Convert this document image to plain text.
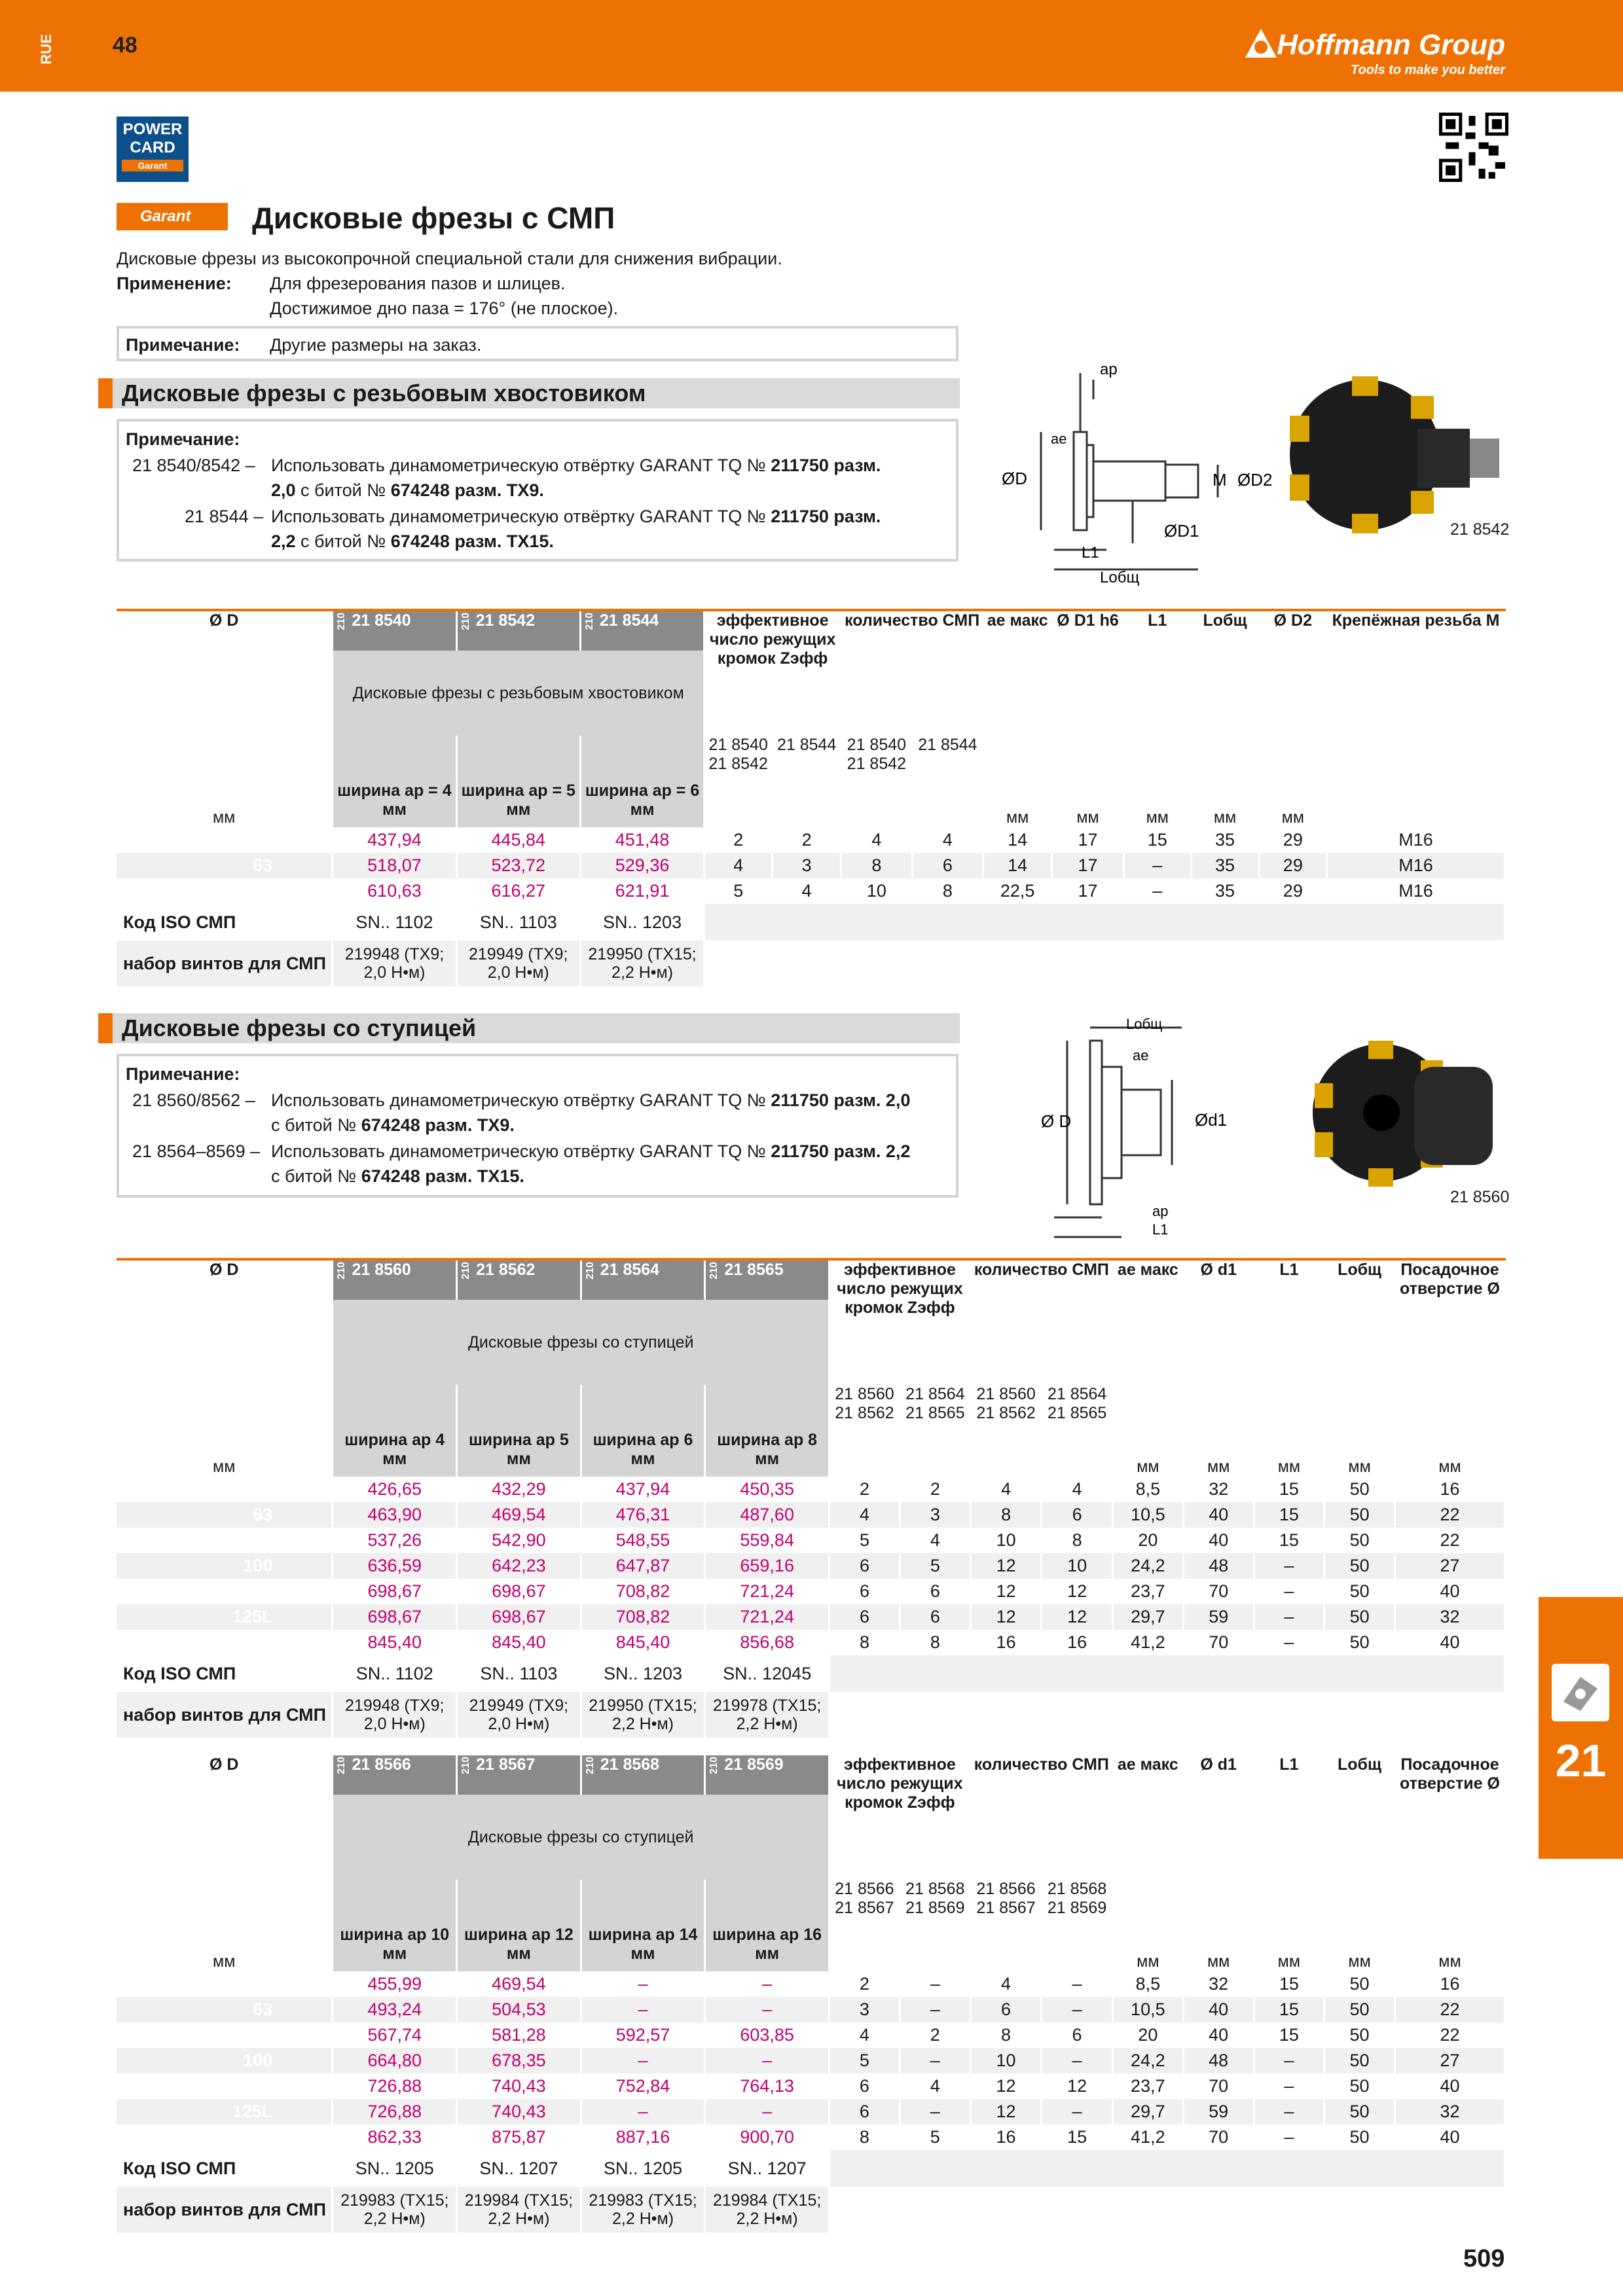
RUE	48	Hoffmann Group
Tools to make you better
POWER
CARD
Garant
Garant	Дисковые фрезы с СМП
Дисковые фрезы из высокопрочной специальной стали для снижения вибрации.
Применение: Для фрезерования пазов и шлицев.
Достижимое дно паза = 176° (не плоское).
Примечание: Другие размеры на заказ.
Дисковые фрезы с резьбовым хвостовиком
Примечание:
21 8540/8542 – Использовать динамометрическую отвёртку GARANT TQ № 211750 разм.
2,0 с битой № 674248 разм. TX9.
21 8544 – Использовать динамометрическую отвёртку GARANT TQ № 211750 разм.
2,2 с битой № 674248 разм. TX15.
ap
ae
ØD	M ØD2
ØD1
L1
Lобщ
21 8542
Ø D	210 21 8540	210 21 8542	210 21 8544	эффективное число режущих кромок Zэфф		количество СМП		ae макс	Ø D1 h6	L1	Lобщ	Ø D2	Крепёжная резьба M
	Дисковые фрезы с резьбовым хвостовиком												
				21 8540 21 8542	21 8544	21 8540 21 8542	21 8544						
мм	ширина ap = 4 мм	ширина ap = 5 мм	ширина ap = 6 мм					мм	мм	мм	мм	мм	
50	437,94	445,84	451,48	2	2	4	4	14	17	15	35	29	M16
63	518,07	523,72	529,36	4	3	8	6	14	17	–	35	29	M16
80	610,63	616,27	621,91	5	4	10	8	22,5	17	–	35	29	M16
Код ISO СМП	SN.. 1102	SN.. 1103	SN.. 1203										
набор винтов для СМП	219948 (TX9; 2,0 H•м)	219949 (TX9; 2,0 H•м)	219950 (TX15; 2,2 H•м)										
Дисковые фрезы со ступицей
Примечание:
21 8560/8562 – Использовать динамометрическую отвёртку GARANT TQ № 211750 разм. 2,0
с битой № 674248 разм. TX9.
21 8564–8569 – Использовать динамометрическую отвёртку GARANT TQ № 211750 разм. 2,2
с битой № 674248 разм. TX15.
Lобщ
ae
Ø D	Ød1
ap
L1
21 8560
Ø D	210 21 8560	210 21 8562	210 21 8564	210 21 8565	эффективное число режущих кромок Zэфф		количество СМП		ae макс	Ø d1	L1	Lобщ	Посадочное отверстие Ø
	Дисковые фрезы со ступицей												
					21 8560 21 8562	21 8564 21 8565	21 8560 21 8562	21 8564 21 8565					
мм	ширина ap 4 мм	ширина ap 5 мм	ширина ap 6 мм	ширина ap 8 мм					мм	мм	мм	мм	мм
50	426,65	432,29	437,94	450,35	2	2	4	4	8,5	32	15	50	16
63	463,90	469,54	476,31	487,60	4	3	8	6	10,5	40	15	50	22
80	537,26	542,90	548,55	559,84	5	4	10	8	20	40	15	50	22
100	636,59	642,23	647,87	659,16	6	5	12	10	24,2	48	–	50	27
125	698,67	698,67	708,82	721,24	6	6	12	12	23,7	70	–	50	40
125L	698,67	698,67	708,82	721,24	6	6	12	12	29,7	59	–	50	32
160	845,40	845,40	845,40	856,68	8	8	16	16	41,2	70	–	50	40
Код ISO СМП	SN.. 1102	SN.. 1103	SN.. 1203	SN.. 12045									
набор винтов для СМП	219948 (TX9; 2,0 H•м)	219949 (TX9; 2,0 H•м)	219950 (TX15; 2,2 H•м)	219978 (TX15; 2,2 H•м)									
Ø D	210 21 8566	210 21 8567	210 21 8568	210 21 8569	эффективное число режущих кромок Zэфф		количество СМП		ae макс	Ø d1	L1	Lобщ	Посадочное отверстие Ø
	Дисковые фрезы со ступицей												
					21 8566 21 8567	21 8568 21 8569	21 8566 21 8567	21 8568 21 8569					
мм	ширина ap 10 мм	ширина ap 12 мм	ширина ap 14 мм	ширина ap 16 мм					мм	мм	мм	мм	мм
50	455,99	469,54	–	–	2	–	4	–	8,5	32	15	50	16
63	493,24	504,53	–	–	3	–	6	–	10,5	40	15	50	22
80	567,74	581,28	592,57	603,85	4	2	8	6	20	40	15	50	22
100	664,80	678,35	–	–	5	–	10	–	24,2	48	–	50	27
125	726,88	740,43	752,84	764,13	6	4	12	12	23,7	70	–	50	40
125L	726,88	740,43	–	–	6	–	12	–	29,7	59	–	50	32
160	862,33	875,87	887,16	900,70	8	5	16	15	41,2	70	–	50	40
Код ISO СМП	SN.. 1205	SN.. 1207	SN.. 1205	SN.. 1207									
набор винтов для СМП	219983 (TX15; 2,2 H•м)	219984 (TX15; 2,2 H•м)	219983 (TX15; 2,2 H•м)	219984 (TX15; 2,2 H•м)									
21
509
